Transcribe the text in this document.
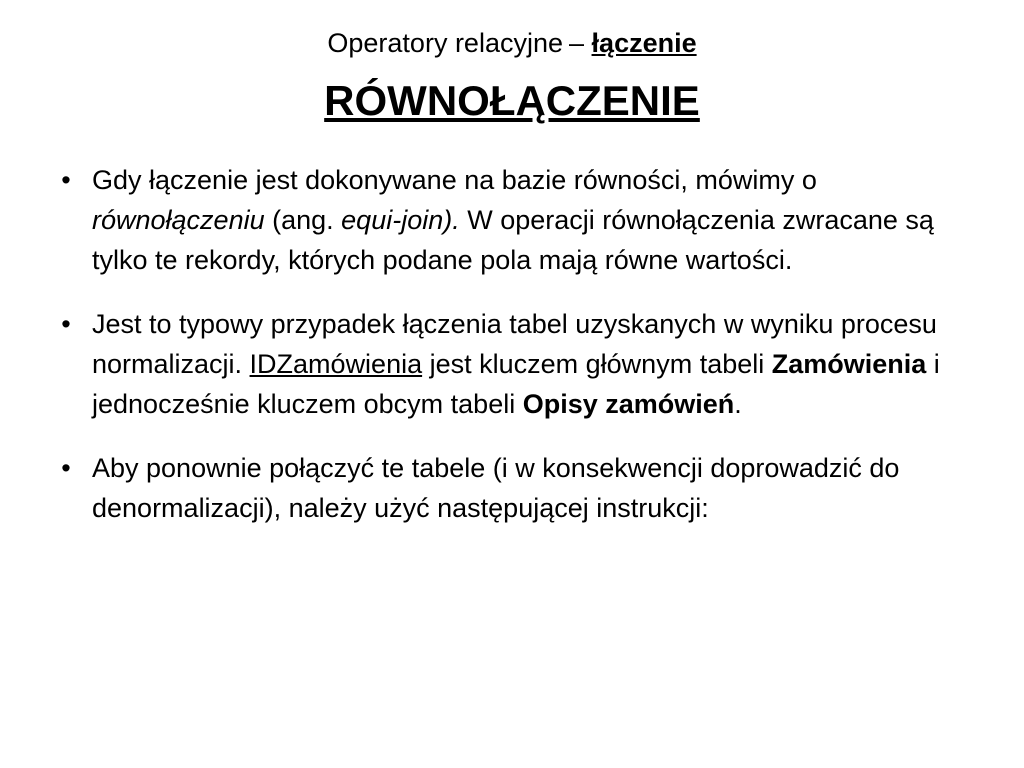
Operatory relacyjne – łączenie
RÓWNOŁĄCZENIE
• Gdy łączenie jest dokonywane na bazie równości, mówimy o równołączeniu (ang. equi-join). W operacji równołączenia zwracane są tylko te rekordy, których podane pola mają równe wartości.
• Jest to typowy przypadek łączenia tabel uzyskanych w wyniku procesu normalizacji. IDZamówienia jest kluczem głównym tabeli Zamówienia i jednocześnie kluczem obcym tabeli Opisy zamówień.
• Aby ponownie połączyć te tabele (i w konsekwencji doprowadzić do denormalizacji), należy użyć następującej instrukcji:
